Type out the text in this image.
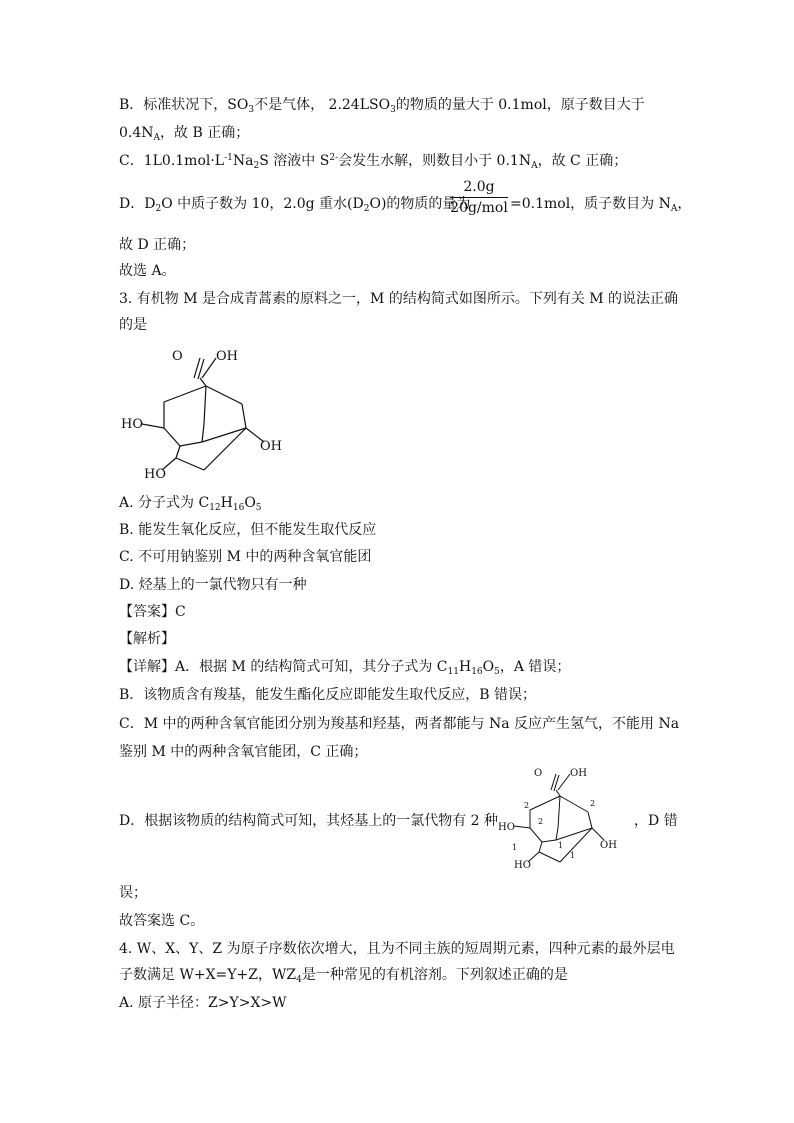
B．标准状况下，$SO_3$不是气体， $2.24LSO_3$的物质的量大于 0.1mol，原子数目大于
$0.4N_A$，故 B 正确；
C．$1L0.1mol\cdot L^{-1}Na_2S$ 溶液中 $S^{2-}$会发生水解，则数目小于 $0.1N_A$，故 C 正确；
D．$D_2O$ 中质子数为 10，2.0g 重水$(D_2O)$的物质的量为
2.0g
20g/mol =0.1mol，质子数目为 $N_A$，
故 D 正确；
故选 A。
3. 有机物 M 是合成青蒿素的原料之一，M 的结构简式如图所示。下列有关 M 的说法正确
的是
O	OH
HO
OH
HO
A. 分子式为 $C_{12}H_{16}O_5$
B. 能发生氧化反应，但不能发生取代反应
C. 不可用钠鉴别 M 中的两种含氧官能团
D. 烃基上的一氯代物只有一种
【答案】C
【解析】
【详解】A．根据 M 的结构简式可知，其分子式为 $C_{11}H_{16}O_5$，A 错误；
B．该物质含有羧基，能发生酯化反应即能发生取代反应，B 错误；
C．M 中的两种含氧官能团分别为羧基和羟基，两者都能与 Na 反应产生氢气，不能用 Na
鉴别 M 中的两种含氧官能团，C 正确；
D．根据该物质的结构简式可知，其烃基上的一氯代物有 2 种	，D 错
O	OH
HO
OH
HO
2	2
2
1	1
1
误；
故答案选 C。
4. W、X、Y、Z 为原子序数依次增大，且为不同主族的短周期元素，四种元素的最外层电
子数满足 W+X=Y+Z，$WZ_4$是一种常见的有机溶剂。下列叙述正确的是
A. 原子半径：Z>Y>X>W
